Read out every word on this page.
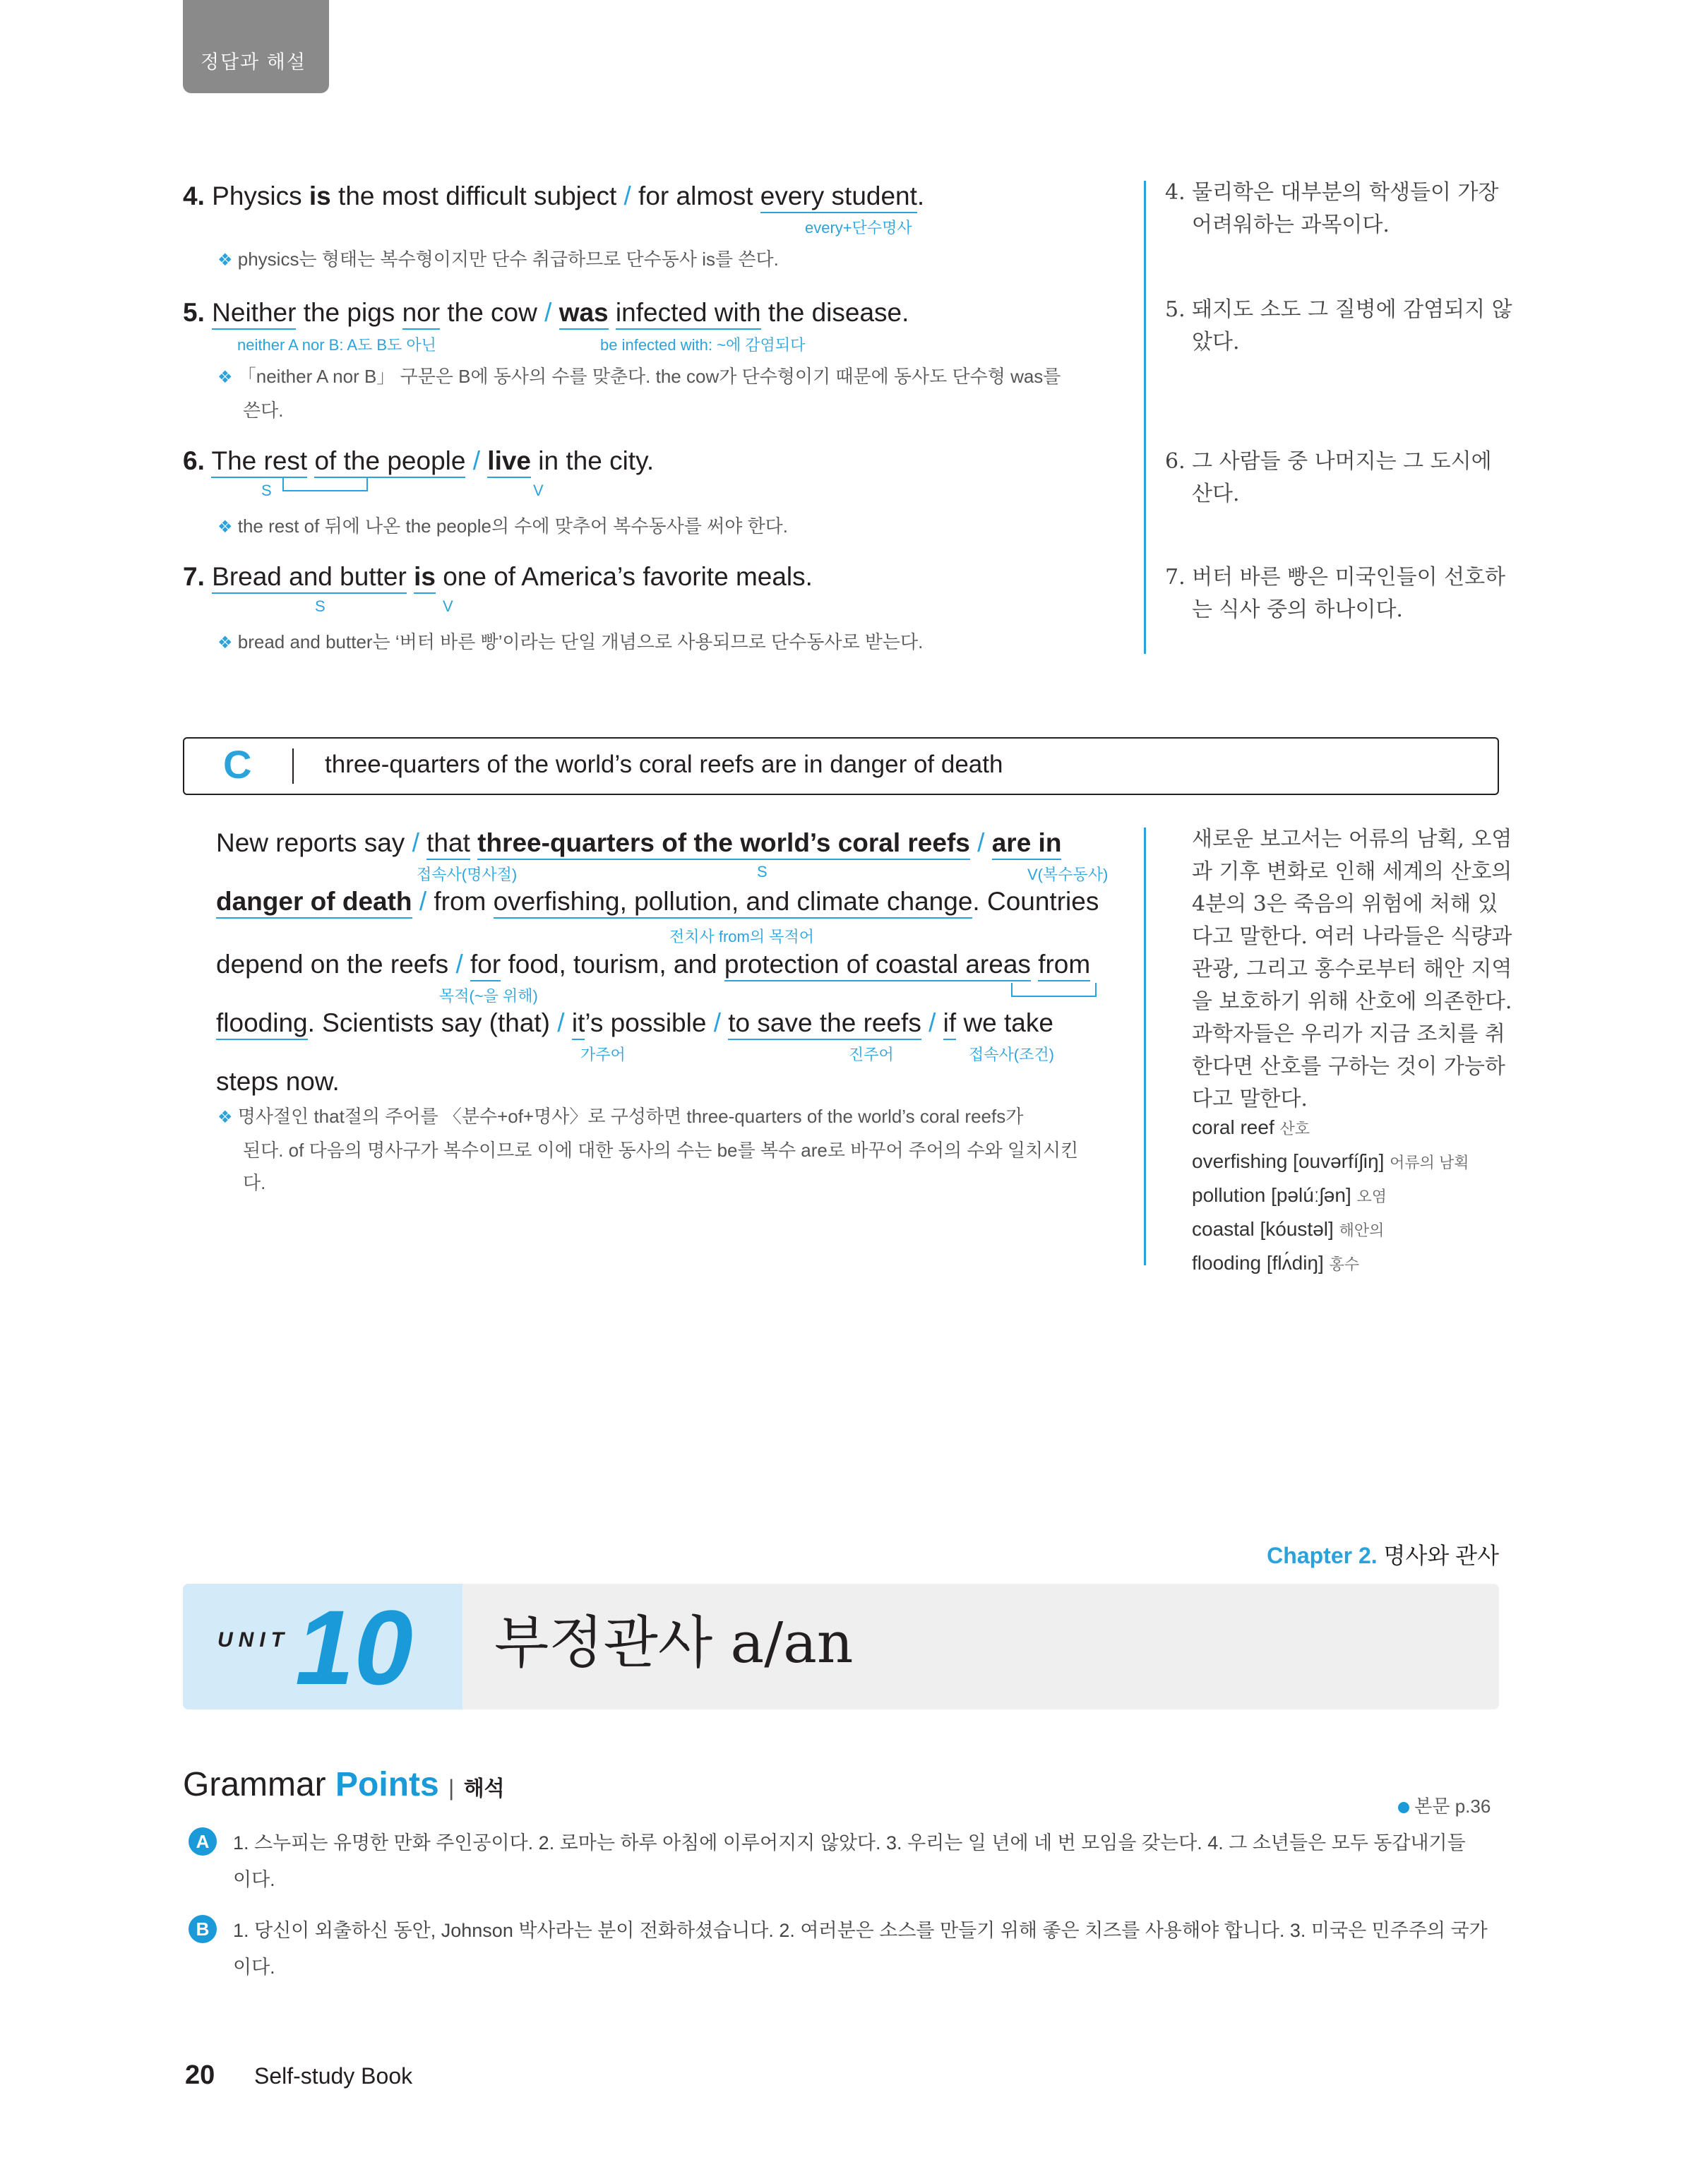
정답과 해설
4. Physics is the most difficult subject / for almost every student.
every+단수명사
❖ physics는 형태는 복수형이지만 단수 취급하므로 단수동사 is를 쓴다.
4. 물리학은 대부분의 학생들이 가장
어려워하는 과목이다.
5. Neither the pigs nor the cow / was infected with the disease.
neither A nor B: A도 B도 아닌	be infected with: ~에 감염되다
❖ 「neither A nor B」 구문은 B에 동사의 수를 맞춘다. the cow가 단수형이기 때문에 동사도 단수형 was를
쓴다.
5. 돼지도 소도 그 질병에 감염되지 않
았다.
6. The rest of the people / live in the city.
S	V
❖ the rest of 뒤에 나온 the people의 수에 맞추어 복수동사를 써야 한다.
6. 그 사람들 중 나머지는 그 도시에
산다.
7. Bread and butter is one of America’s favorite meals.
S	V
❖ bread and butter는 ‘버터 바른 빵’이라는 단일 개념으로 사용되므로 단수동사로 받는다.
7. 버터 바른 빵은 미국인들이 선호하
는 식사 중의 하나이다.
C	three-quarters of the world’s coral reefs are in danger of death
New reports say / that three-quarters of the world’s coral reefs / are in
접속사(명사절)	S	V(복수동사)
danger of death / from overfishing, pollution, and climate change. Countries
전치사 from의 목적어
depend on the reefs / for food, tourism, and protection of coastal areas from
목적(~을 위해)
flooding. Scientists say (that) / it’s possible / to save the reefs / if we take
가주어	진주어	접속사(조건)
steps now.
❖ 명사절인 that절의 주어를 〈분수+of+명사〉로 구성하면 three-quarters of the world’s coral reefs가
된다. of 다음의 명사구가 복수이므로 이에 대한 동사의 수는 be를 복수 are로 바꾸어 주어의 수와 일치시킨
다.
새로운 보고서는 어류의 남획, 오염
과 기후 변화로 인해 세계의 산호의
4분의 3은 죽음의 위험에 처해 있
다고 말한다. 여러 나라들은 식량과
관광, 그리고 홍수로부터 해안 지역
을 보호하기 위해 산호에 의존한다.
과학자들은 우리가 지금 조치를 취
한다면 산호를 구하는 것이 가능하
다고 말한다.
coral reef 산호
overfishing [ouvərfíʃiŋ] 어류의 남획
pollution [pəlúːʃən] 오염
coastal [kóustəl] 해안의
flooding [flʌ́diŋ] 홍수
Chapter 2. 명사와 관사
UNIT 10 부정관사 a/an
Grammar Points | 해석
본문 p.36
A	1. 스누피는 유명한 만화 주인공이다. 2. 로마는 하루 아침에 이루어지지 않았다. 3. 우리는 일 년에 네 번 모임을 갖는다. 4. 그 소년들은 모두 동갑내기들
이다.
B	1. 당신이 외출하신 동안, Johnson 박사라는 분이 전화하셨습니다. 2. 여러분은 소스를 만들기 위해 좋은 치즈를 사용해야 합니다. 3. 미국은 민주주의 국가
이다.
20 Self-study Book
